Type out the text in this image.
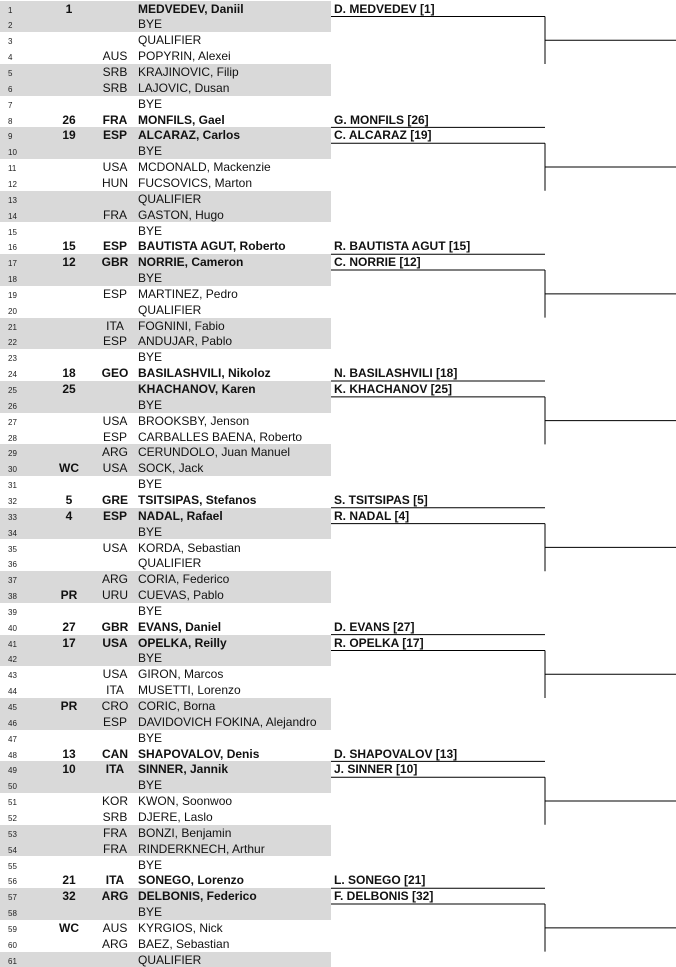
1	1	MEDVEDEV, Daniil
2	BYE
3	QUALIFIER
4	AUS POPYRIN, Alexei
5	SRB KRAJINOVIC, Filip
6	SRB LAJOVIC, Dusan
7	BYE
8	26	FRA MONFILS, Gael
9	19	ESP ALCARAZ, Carlos
10	BYE
11	USA MCDONALD, Mackenzie
12	HUN FUCSOVICS, Marton
13	QUALIFIER
14	FRA GASTON, Hugo
15	BYE
16	15	ESP BAUTISTA AGUT, Roberto
17	12	GBR NORRIE, Cameron
18	BYE
19	ESP MARTINEZ, Pedro
20	QUALIFIER
21	ITA	FOGNINI, Fabio
22	ESP ANDUJAR, Pablo
23	BYE
24	18	GEO BASILASHVILI, Nikoloz
25	25	KHACHANOV, Karen
26	BYE
27	USA BROOKSBY, Jenson
28	ESP CARBALLES BAENA, Roberto
29	ARG CERUNDOLO, Juan Manuel
30	WC	USA SOCK, Jack
31	BYE
32	5	GRE TSITSIPAS, Stefanos
33	4	ESP NADAL, Rafael
34	BYE
35	USA KORDA, Sebastian
36	QUALIFIER
37	ARG CORIA, Federico
38	PR	URU CUEVAS, Pablo
39	BYE
40	27	GBR EVANS, Daniel
41	17	USA OPELKA, Reilly
42	BYE
43	USA GIRON, Marcos
44	ITA	MUSETTI, Lorenzo
45	PR	CRO CORIC, Borna
46	ESP DAVIDOVICH FOKINA, Alejandro
47	BYE
48	13	CAN SHAPOVALOV, Denis
49	10	ITA	SINNER, Jannik
50	BYE
51	KOR KWON, Soonwoo
52	SRB DJERE, Laslo
53	FRA BONZI, Benjamin
54	FRA RINDERKNECH, Arthur
55	BYE
56	21	ITA	SONEGO, Lorenzo
57	32	ARG DELBONIS, Federico
58	BYE
59	WC	AUS KYRGIOS, Nick
60	ARG BAEZ, Sebastian
61	QUALIFIER
D. MEDVEDEV [1]
G. MONFILS [26]
C. ALCARAZ [19]
R. BAUTISTA AGUT [15]
C. NORRIE [12]
N. BASILASHVILI [18]
K. KHACHANOV [25]
S. TSITSIPAS [5]
R. NADAL [4]
D. EVANS [27]
R. OPELKA [17]
D. SHAPOVALOV [13]
J. SINNER [10]
L. SONEGO [21]
F. DELBONIS [32]
